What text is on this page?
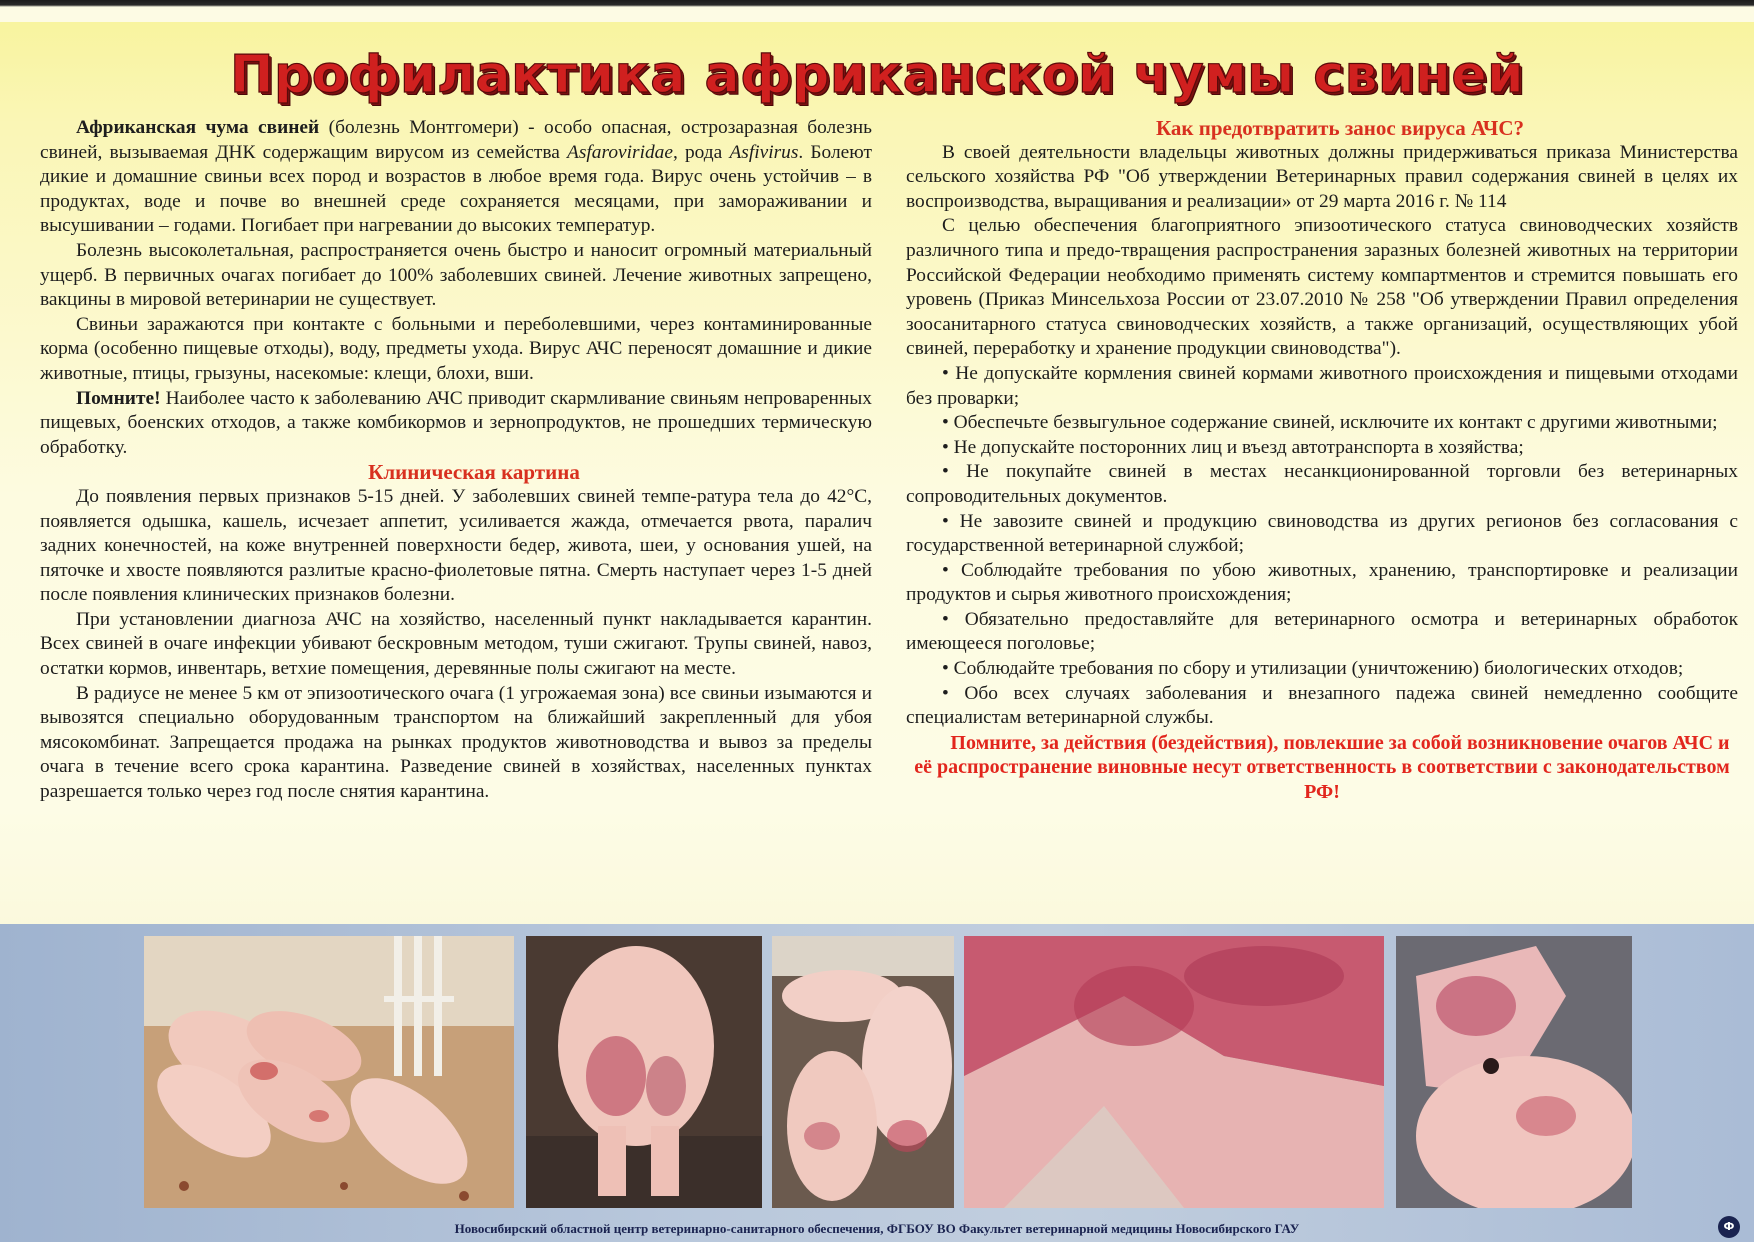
Профилактика африканской чумы свиней

Африканская чума свиней (болезнь Монтгомери) - особо опасная, острозаразная болезнь свиней, вызываемая ДНК содержащим вирусом из семейства Asfaroviridae, рода Asfivirus. Болеют дикие и домашние свиньи всех пород и возрастов в любое время года. Вирус очень устойчив – в продуктах, воде и почве во внешней среде сохраняется месяцами, при замораживании и высушивании – годами. Погибает при нагревании до высоких температур.

Болезнь высоколетальная, распространяется очень быстро и наносит огромный материальный ущерб. В первичных очагах погибает до 100% заболевших свиней. Лечение животных запрещено, вакцины в мировой ветеринарии не существует.

Свиньи заражаются при контакте с больными и переболевшими, через контаминированные корма (особенно пищевые отходы), воду, предметы ухода. Вирус АЧС переносят домашние и дикие животные, птицы, грызуны, насекомые: клещи, блохи, вши.

Помните! Наиболее часто к заболеванию АЧС приводит скармливание свиньям непроваренных пищевых, боенских отходов, а также комбикормов и зернопродуктов, не прошедших термическую обработку.

Клиническая картина

До появления первых признаков 5-15 дней. У заболевших свиней темпе-ратура тела до 42°С, появляется одышка, кашель, исчезает аппетит, усиливается жажда, отмечается рвота, паралич задних конечностей, на коже внутренней поверхности бедер, живота, шеи, у основания ушей, на пяточке и хвосте появляются разлитые красно-фиолетовые пятна. Смерть наступает через 1-5 дней после появления клинических признаков болезни.

При установлении диагноза АЧС на хозяйство, населенный пункт накладывается карантин. Всех свиней в очаге инфекции убивают бескровным методом, туши сжигают. Трупы свиней, навоз, остатки кормов, инвентарь, ветхие помещения, деревянные полы сжигают на месте.

В радиусе не менее 5 км от эпизоотического очага (1 угрожаемая зона) все свиньи изымаются и вывозятся специально оборудованным транспортом на ближайший закрепленный для убоя мясокомбинат. Запрещается продажа на рынках продуктов животноводства и вывоз за пределы очага в течение всего срока карантина. Разведение свиней в хозяйствах, населенных пунктах разрешается только через год после снятия карантина.

Как предотвратить занос вируса АЧС?

В своей деятельности владельцы животных должны придерживаться приказа Министерства сельского хозяйства РФ "Об утверждении Ветеринарных правил содержания свиней в целях их воспроизводства, выращивания и реализации» от 29 марта 2016 г. № 114

С целью обеспечения благоприятного эпизоотического статуса свиноводческих хозяйств различного типа и предо-твращения распространения заразных болезней животных на территории Российской Федерации необходимо применять систему компартментов и стремится повышать его уровень (Приказ Минсельхоза России от 23.07.2010 № 258 "Об утверждении Правил определения зоосанитарного статуса свиноводческих хозяйств, а также организаций, осуществляющих убой свиней, переработку и хранение продукции свиноводства").

• Не допускайте кормления свиней кормами животного происхождения и пищевыми отходами без проварки;

• Обеспечьте безвыгульное содержание свиней, исключите их контакт с другими животными;

• Не допускайте посторонних лиц и въезд автотранспорта в хозяйства;

• Не покупайте свиней в местах несанкционированной торговли без ветеринарных сопроводительных документов.

• Не завозите свиней и продукцию свиноводства из других регионов без согласования с государственной ветеринарной службой;

• Соблюдайте требования по убою животных, хранению, транспортировке и реализации продуктов и сырья животного происхождения;

• Обязательно предоставляйте для ветеринарного осмотра и ветеринарных обработок имеющееся поголовье;

• Соблюдайте требования по сбору и утилизации (уничтожению) биологических отходов;

• Обо всех случаях заболевания и внезапного падежа свиней немедленно сообщите специалистам ветеринарной службы.

Помните, за действия (бездействия), повлекшие за собой возникновение очагов АЧС и её распространение виновные несут ответственность в соответствии с законодательством РФ!

Новосибирский областной центр ветеринарно-санитарного обеспечения, ФГБОУ ВО Факультет ветеринарной медицины Новосибирского ГАУ	Ф
